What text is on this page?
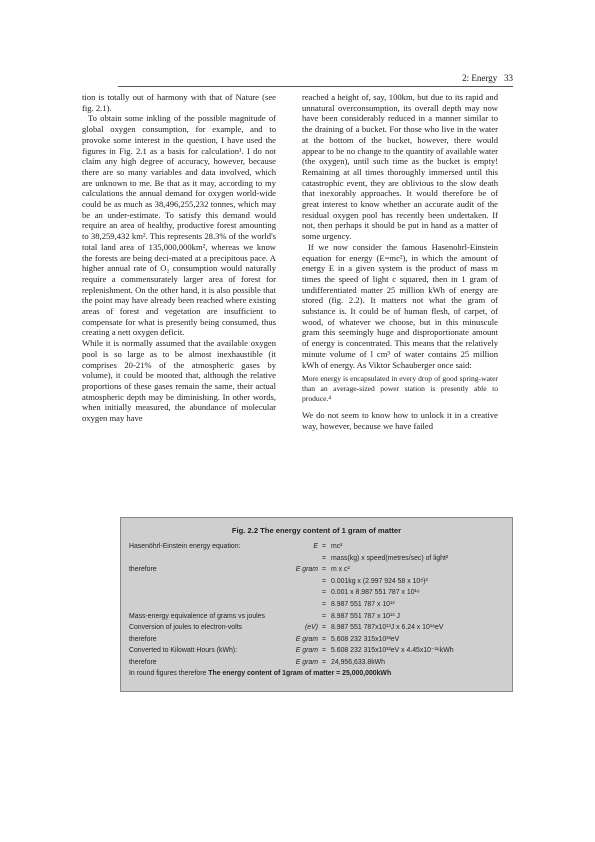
2: Energy 33

tion is totally out of harmony with that of Nature (see fig. 2.1).

To obtain some inkling of the possible magnitude of global oxygen consumption, for example, and to provoke some interest in the question, I have used the figures in Fig. 2.1 as a basis for calculation¹. I do not claim any high degree of accuracy, however, because there are so many variables and data involved, which are unknown to me. Be that as it may, according to my calculations the annual demand for oxygen world-wide could be as much as 38,496,255,232 tonnes, which may be an under-estimate. To satisfy this demand would require an area of healthy, productive forest amounting to 38,259,432 km². This represents 28.3% of the world's total land area of 135,000,000km², whereas we know the forests are being deci-mated at a precipitous pace. A higher annual rate of O₂ consumption would naturally require a commensurately larger area of forest for replenishment. On the other hand, it is also possible that the point may have already been reached where existing areas of forest and vegetation are insufficient to compensate for what is presently being consumed, thus creating a nett oxygen deficit.

While it is normally assumed that the available oxygen pool is so large as to be almost inexhaustible (it comprises 20-21% of the atmospheric gases by volume), it could be mooted that, although the relative proportions of these gases remain the same, their actual atmospheric depth may be diminishing. In other words, when initially measured, the abundance of molecular oxygen may have

reached a height of, say, 100km, but due to its rapid and unnatural overconsumption, its overall depth may now have been considerably reduced in a manner similar to the draining of a bucket. For those who live in the water at the bottom of the bucket, however, there would appear to be no change to the quantity of available water (the oxygen), until such time as the bucket is empty! Remaining at all times thoroughly immersed until this catastrophic event, they are oblivious to the slow death that inexorably approaches. It would therefore be of great interest to know whether an accurate audit of the residual oxygen pool has recently been undertaken. If not, then perhaps it should be put in hand as a matter of some urgency.

If we now consider the famous Hasenohrl-Einstein equation for energy (E=mc²), in which the amount of energy E in a given system is the product of mass m times the speed of light c squared, then in 1 gram of undifferentiated matter 25 million kWh of energy are stored (fig. 2.2). It matters not what the gram of substance is. It could be of human flesh, of carpet, of wood, of whatever we choose, but in this minuscule gram this seemingly huge and disproportionate amount of energy is concentrated. This means that the relatively minute volume of l cm³ of water contains 25 million kWh of energy. As Viktor Schauberger once said:

More energy is encapsulated in every drop of good spring-water than an average-sized power station is presently able to produce.⁴

We do not seem to know how to unlock it in a creative way, however, because we have failed

Fig. 2.2 The energy content of 1 gram of matter
Hasenöhrl-Einstein energy equation:	E = mc²
= mass(kg) x speed(metres/sec) of light²
therefore	E gram = m x c²
= 0.001kg x (2.997 924 58 x 10⁸)²
= 0.001 x 8.987 551 787 x 10¹⁶
= 8.987 551 787 x 10¹³
Mass-energy equivalence of grams vs joules	= 8.987 551 787 x 10¹³ J
Conversion of joules to electron-volts	(eV) = 8.987 551 787x10¹³J x 6.24 x 10¹⁸eV
therefore	E gram = 5.608 232 315x10³²eV
Converted to Kilowatt Hours (kWh):	E gram = 5.608 232 315x10³²eV x 4.45x10⁻²⁶kWh
therefore	E gram = 24,956,633.8kWh
In round figures therefore The energy content of 1gram of matter = 25,000,000kWh
